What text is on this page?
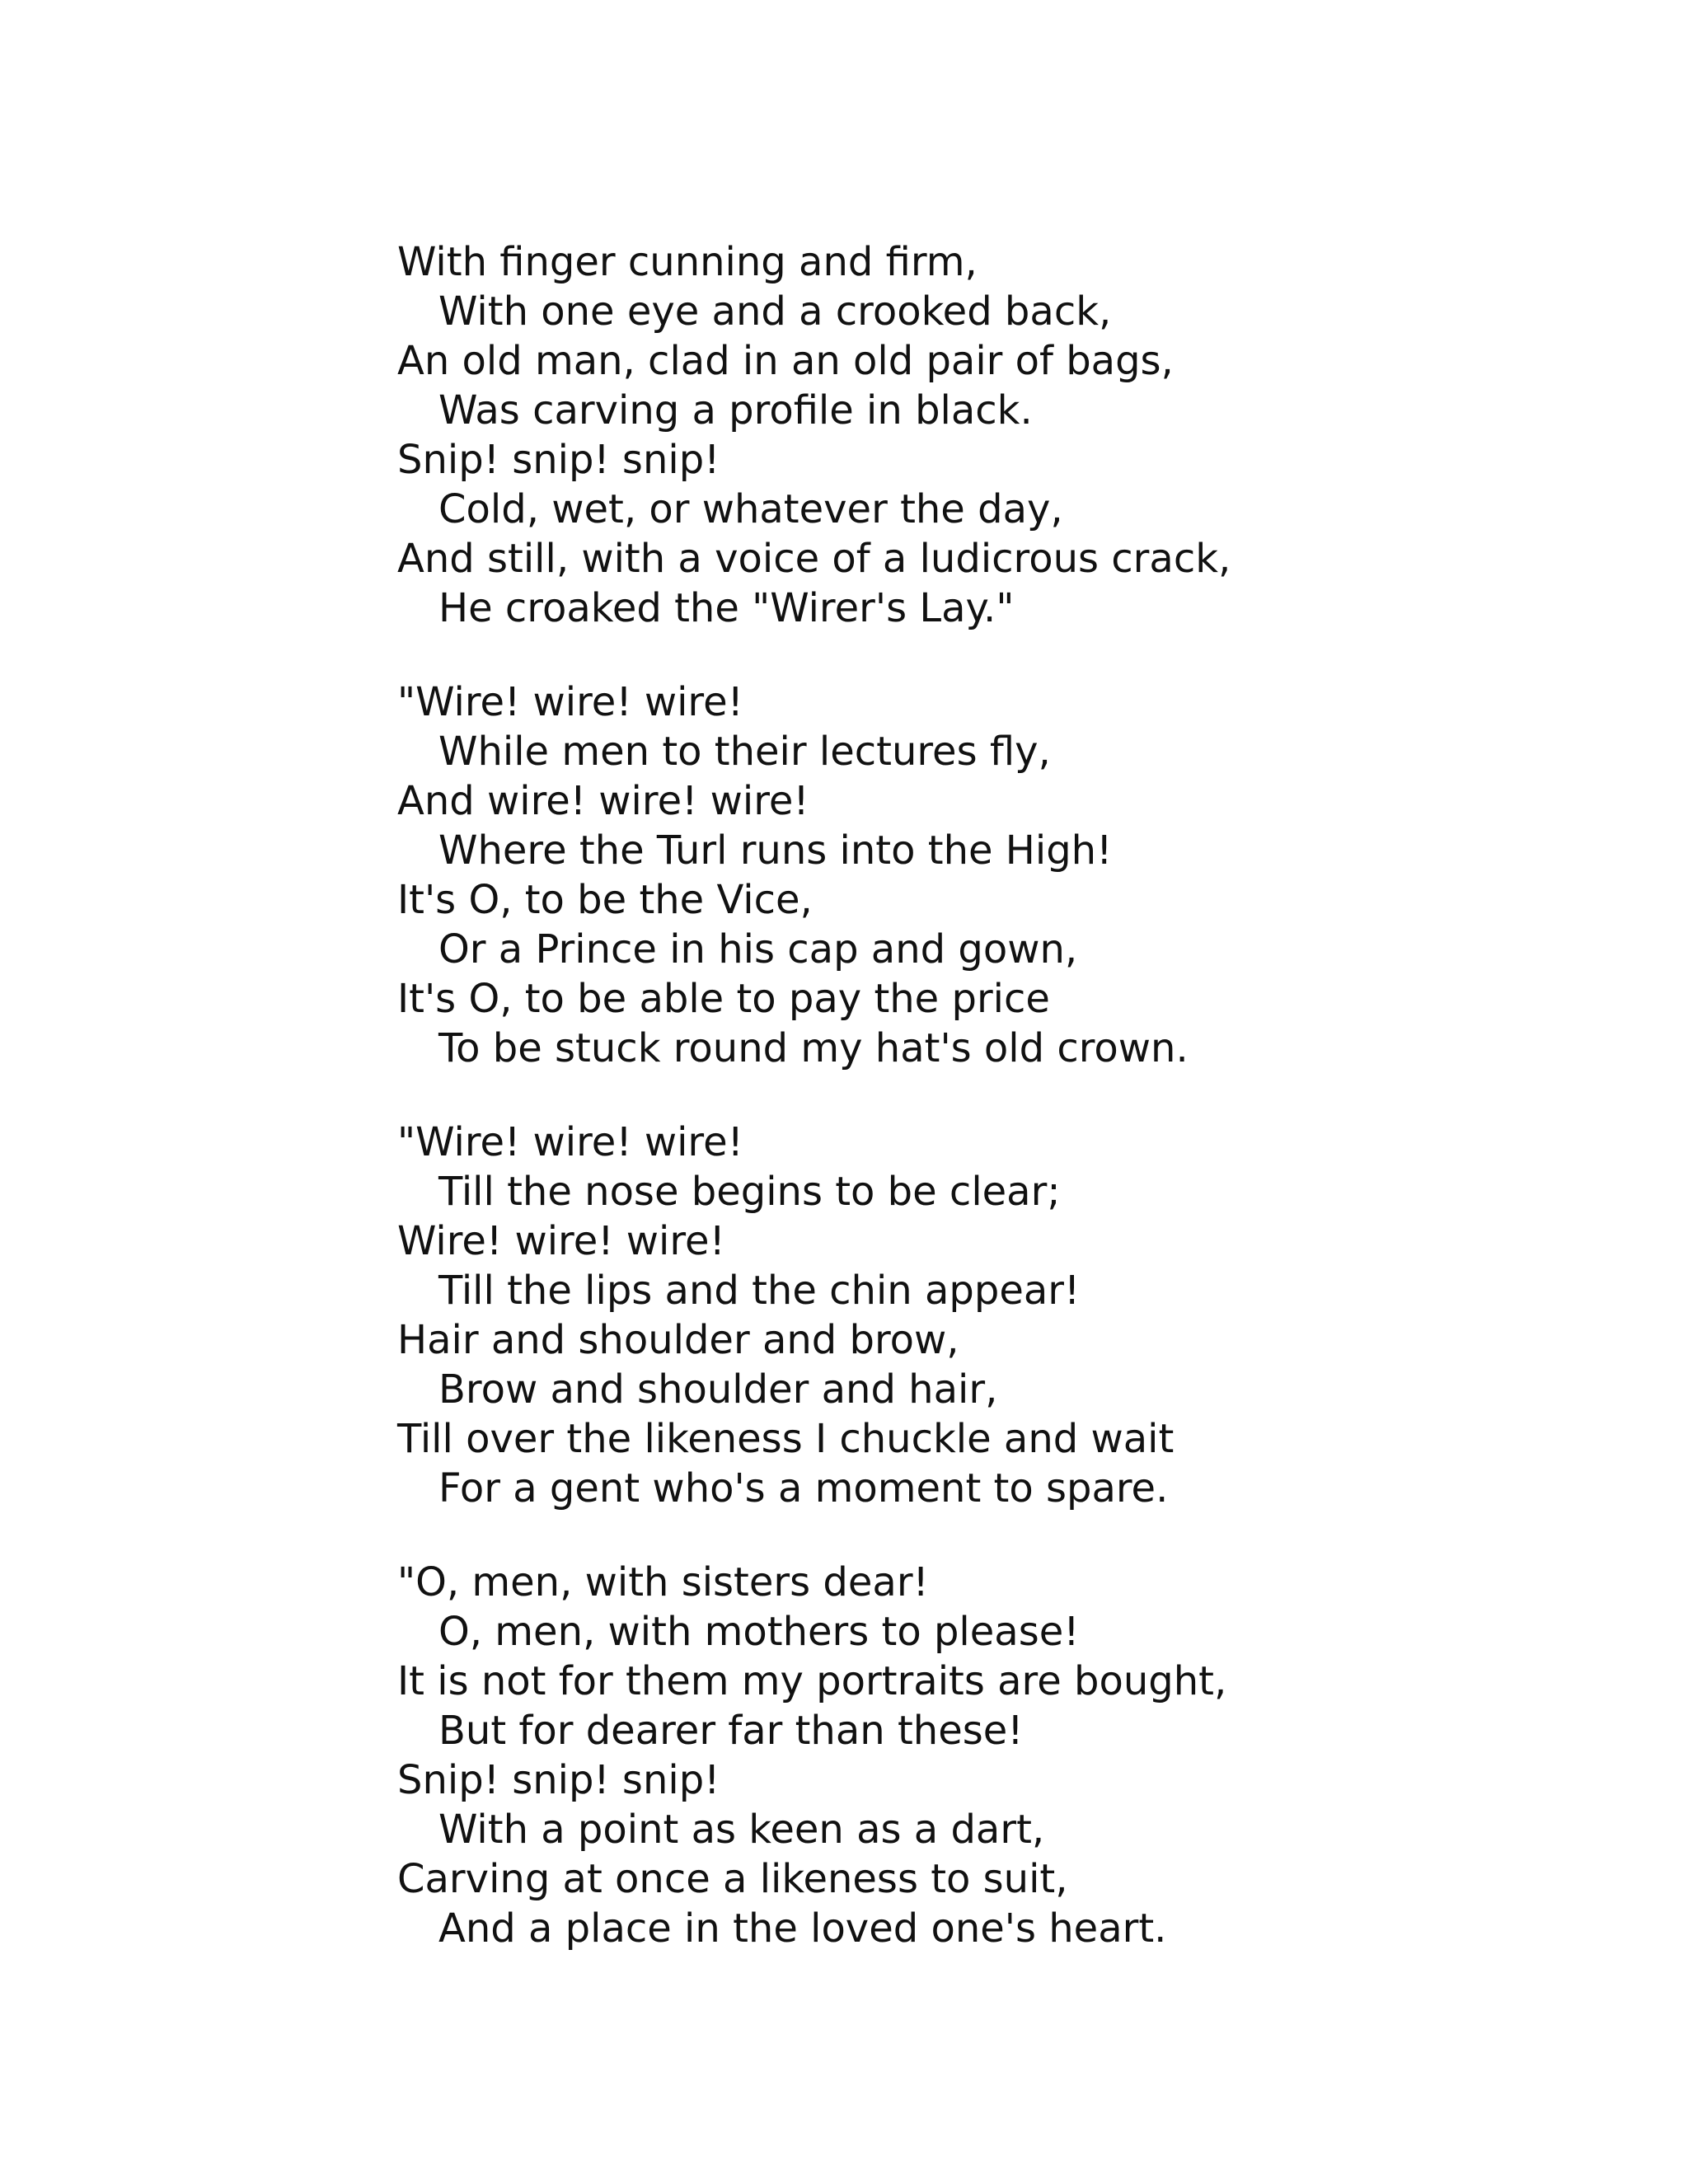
With finger cunning and firm,
With one eye and a crooked back,
An old man, clad in an old pair of bags,
Was carving a profile in black.
Snip! snip! snip!
Cold, wet, or whatever the day,
And still, with a voice of a ludicrous crack,
He croaked the "Wirer's Lay."
"Wire! wire! wire!
While men to their lectures fly,
And wire! wire! wire!
Where the Turl runs into the High!
It's O, to be the Vice,
Or a Prince in his cap and gown,
It's O, to be able to pay the price
To be stuck round my hat's old crown.
"Wire! wire! wire!
Till the nose begins to be clear;
Wire! wire! wire!
Till the lips and the chin appear!
Hair and shoulder and brow,
Brow and shoulder and hair,
Till over the likeness I chuckle and wait
For a gent who's a moment to spare.
"O, men, with sisters dear!
O, men, with mothers to please!
It is not for them my portraits are bought,
But for dearer far than these!
Snip! snip! snip!
With a point as keen as a dart,
Carving at once a likeness to suit,
And a place in the loved one's heart.
